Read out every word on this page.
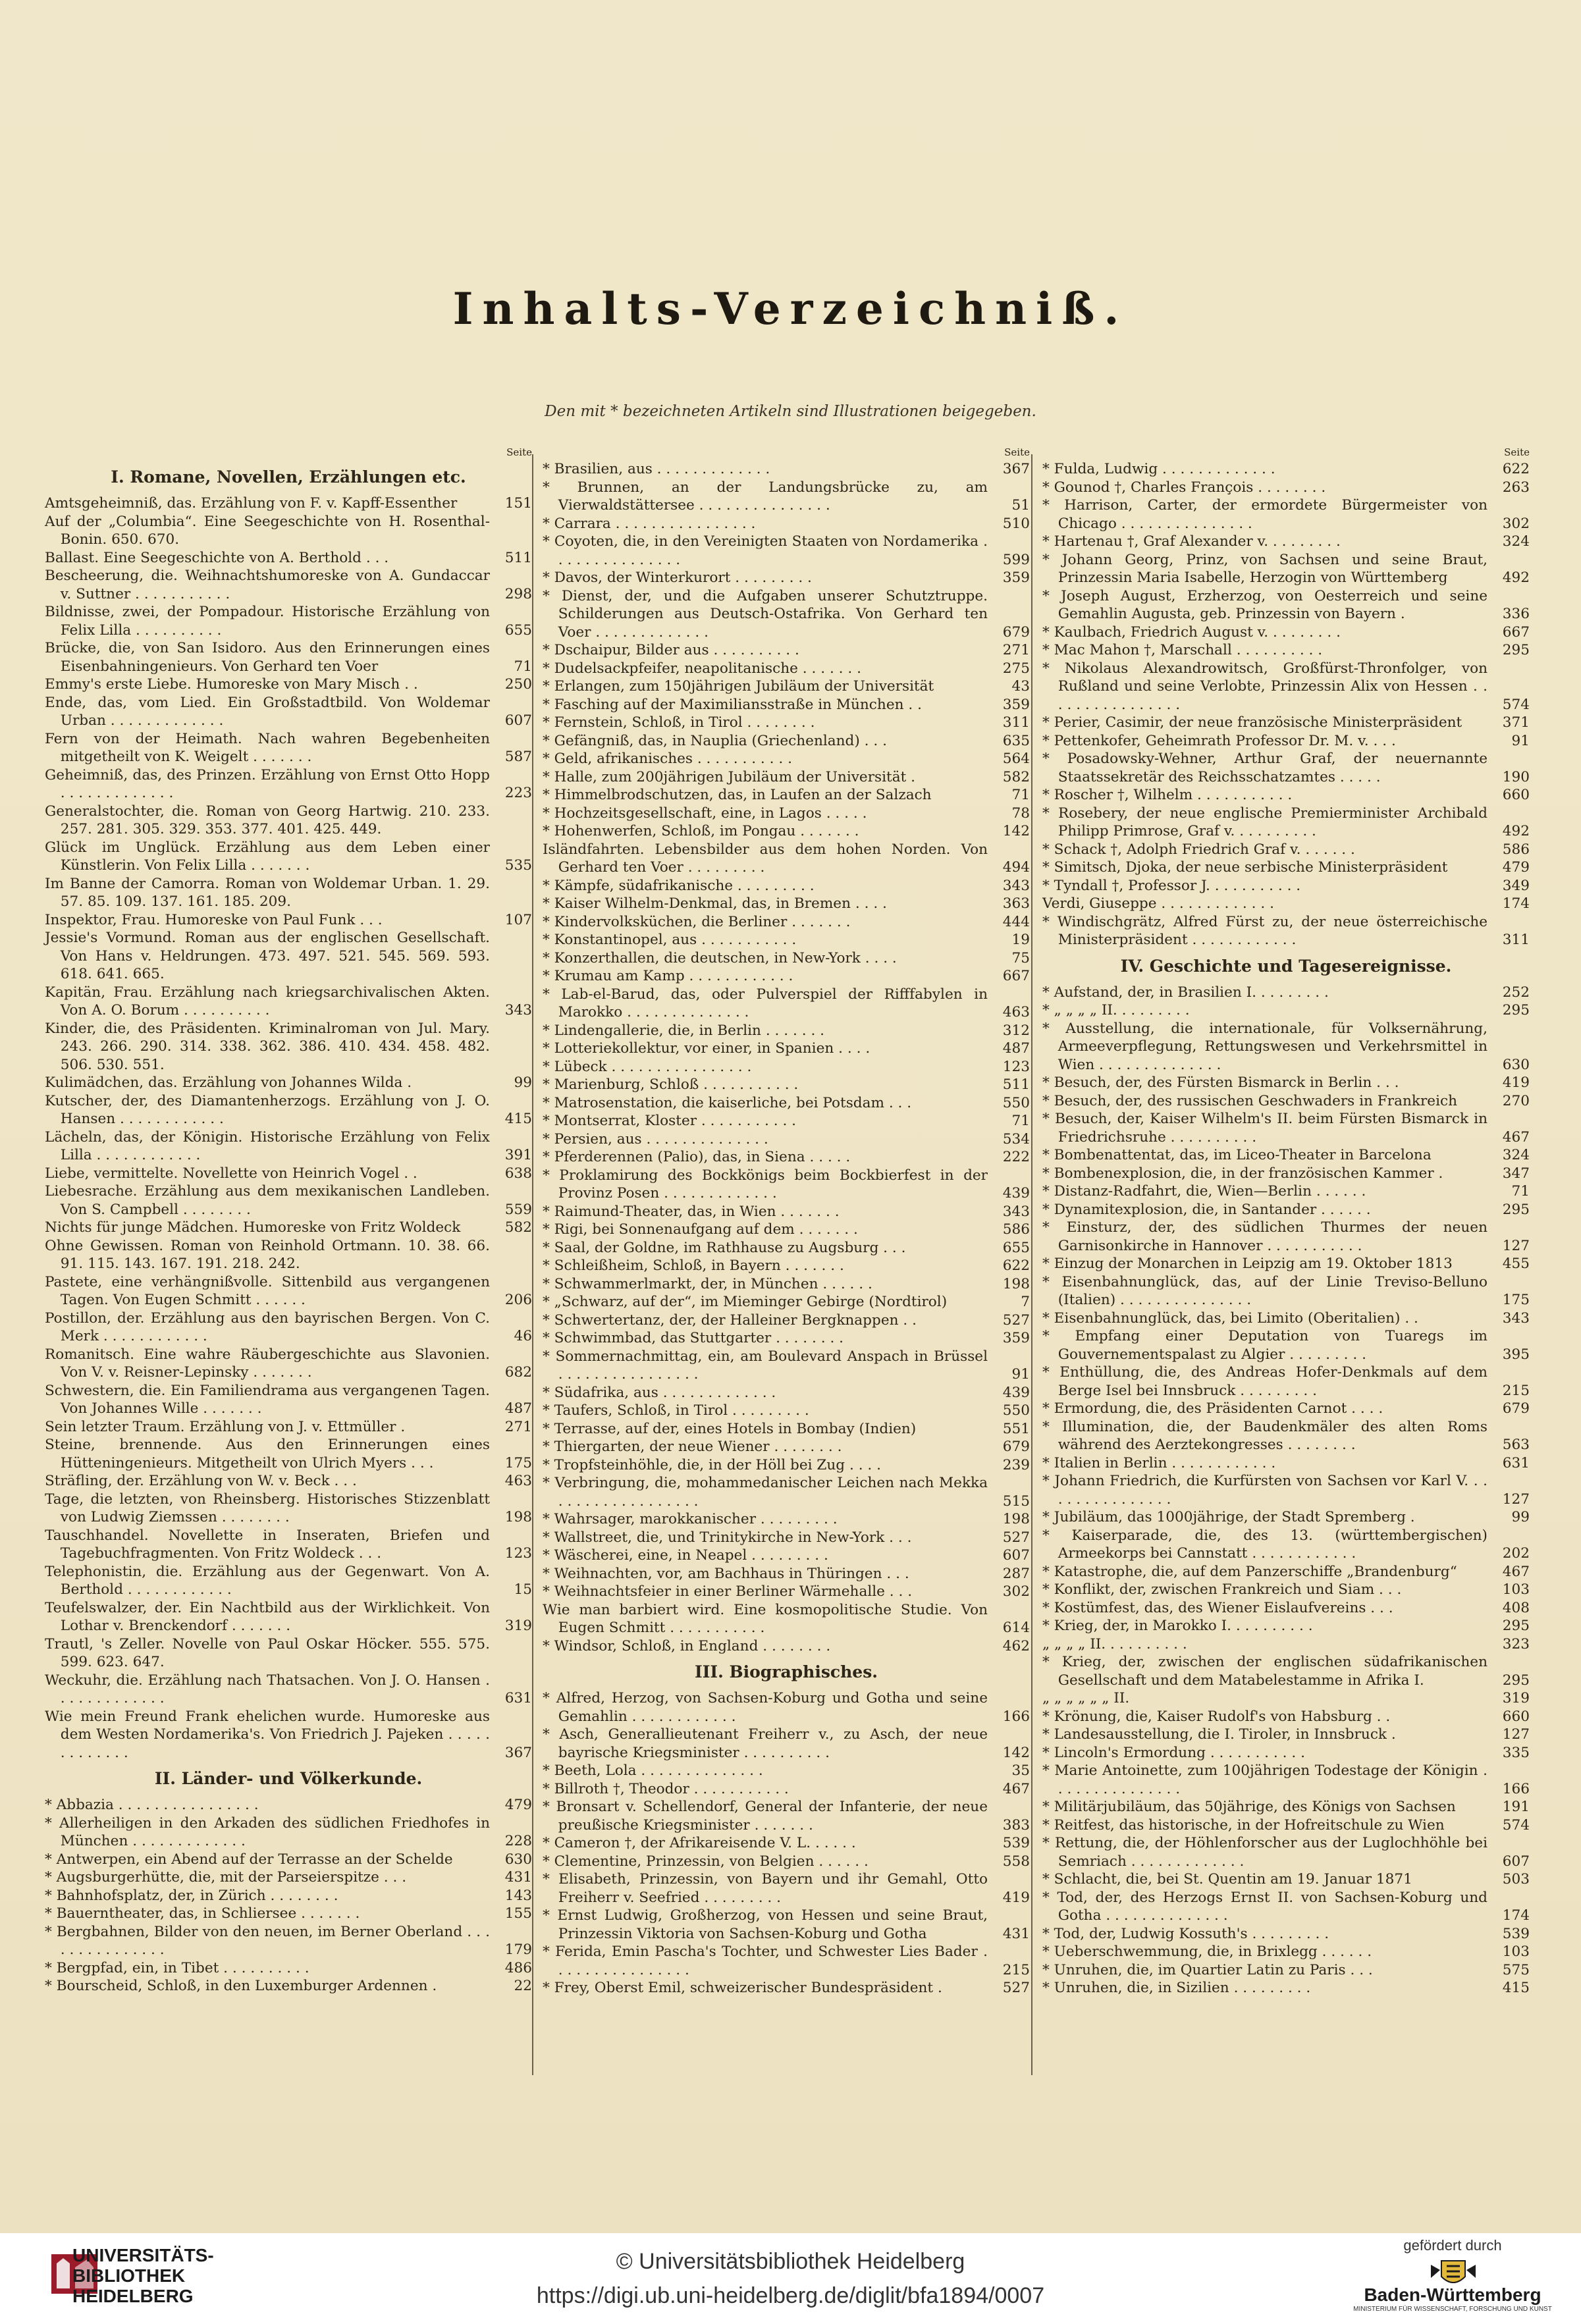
Inhalts-Verzeichniß.
Den mit * bezeichneten Artikeln sind Illustrationen beigegeben.
Seite
I. Romane, Novellen, Erzählungen etc.
Amtsgeheimniß, das. Erzählung von F. v. Kapff-Essenther	151
Auf der „Columbia“. Eine Seegeschichte von H. Rosenthal-Bonin. 650. 670.
Ballast. Eine Seegeschichte von A. Berthold . . .	511
Bescheerung, die. Weihnachtshumoreske von A. Gundaccar v. Suttner . . . . . . . . . . .	298
Bildnisse, zwei, der Pompadour. Historische Erzählung von Felix Lilla . . . . . . . . . .	655
Brücke, die, von San Isidoro. Aus den Erinnerungen eines Eisenbahningenieurs. Von Gerhard ten Voer	71
Emmy's erste Liebe. Humoreske von Mary Misch . .	250
Ende, das, vom Lied. Ein Großstadtbild. Von Woldemar Urban . . . . . . . . . . . . .	607
Fern von der Heimath. Nach wahren Begebenheiten mitgetheilt von K. Weigelt . . . . . . .	587
Geheimniß, das, des Prinzen. Erzählung von Ernst Otto Hopp . . . . . . . . . . . . .	223
Generalstochter, die. Roman von Georg Hartwig. 210. 233. 257. 281. 305. 329. 353. 377. 401. 425. 449.
Glück im Unglück. Erzählung aus dem Leben einer Künstlerin. Von Felix Lilla . . . . . . .	535
Im Banne der Camorra. Roman von Woldemar Urban. 1. 29. 57. 85. 109. 137. 161. 185. 209.
Inspektor, Frau. Humoreske von Paul Funk . . .	107
Jessie's Vormund. Roman aus der englischen Gesellschaft. Von Hans v. Heldrungen. 473. 497. 521. 545. 569. 593. 618. 641. 665.
Kapitän, Frau. Erzählung nach kriegsarchivalischen Akten. Von A. O. Borum . . . . . . . . . .	343
Kinder, die, des Präsidenten. Kriminalroman von Jul. Mary. 243. 266. 290. 314. 338. 362. 386. 410. 434. 458. 482. 506. 530. 551.
Kulimädchen, das. Erzählung von Johannes Wilda .	99
Kutscher, der, des Diamantenherzogs. Erzählung von J. O. Hansen . . . . . . . . . . . .	415
Lächeln, das, der Königin. Historische Erzählung von Felix Lilla . . . . . . . . . . . .	391
Liebe, vermittelte. Novellette von Heinrich Vogel . .	638
Liebesrache. Erzählung aus dem mexikanischen Landleben. Von S. Campbell . . . . . . . .	559
Nichts für junge Mädchen. Humoreske von Fritz Woldeck	582
Ohne Gewissen. Roman von Reinhold Ortmann. 10. 38. 66. 91. 115. 143. 167. 191. 218. 242.
Pastete, eine verhängnißvolle. Sittenbild aus vergangenen Tagen. Von Eugen Schmitt . . . . . .	206
Postillon, der. Erzählung aus den bayrischen Bergen. Von C. Merk . . . . . . . . . . . .	46
Romanitsch. Eine wahre Räubergeschichte aus Slavonien. Von V. v. Reisner-Lepinsky . . . . . . .	682
Schwestern, die. Ein Familiendrama aus vergangenen Tagen. Von Johannes Wille . . . . . . .	487
Sein letzter Traum. Erzählung von J. v. Ettmüller .	271
Steine, brennende. Aus den Erinnerungen eines Hütteningenieurs. Mitgetheilt von Ulrich Myers . . .	175
Sträfling, der. Erzählung von W. v. Beck . . .	463
Tage, die letzten, von Rheinsberg. Historisches Stizzenblatt von Ludwig Ziemssen . . . . . . . .	198
Tauschhandel. Novellette in Inseraten, Briefen und Tagebuchfragmenten. Von Fritz Woldeck . . .	123
Telephonistin, die. Erzählung aus der Gegenwart. Von A. Berthold . . . . . . . . . . . .	15
Teufelswalzer, der. Ein Nachtbild aus der Wirklichkeit. Von Lothar v. Brenckendorf . . . . . . .	319
Trautl, 's Zeller. Novelle von Paul Oskar Höcker. 555. 575. 599. 623. 647.
Weckuhr, die. Erzählung nach Thatsachen. Von J. O. Hansen . . . . . . . . . . . . .	631
Wie mein Freund Frank ehelichen wurde. Humoreske aus dem Westen Nordamerika's. Von Friedrich J. Pajeken . . . . . . . . . . . . .	367
II. Länder- und Völkerkunde.
* Abbazia . . . . . . . . . . . . . . . .	479
* Allerheiligen in den Arkaden des südlichen Friedhofes in München . . . . . . . . . . . . .	228
* Antwerpen, ein Abend auf der Terrasse an der Schelde	630
* Augsburgerhütte, die, mit der Parseierspitze . . .	431
* Bahnhofsplatz, der, in Zürich . . . . . . . .	143
* Bauerntheater, das, in Schliersee . . . . . . .	155
* Bergbahnen, Bilder von den neuen, im Berner Oberland . . . . . . . . . . . . . . .	179
* Bergpfad, ein, in Tibet . . . . . . . . . .	486
* Bourscheid, Schloß, in den Luxemburger Ardennen .	22
Seite
* Brasilien, aus . . . . . . . . . . . . .	367
* Brunnen, an der Landungsbrücke zu, am Vierwaldstättersee . . . . . . . . . . . . . . .	51
* Carrara . . . . . . . . . . . . . . . .	510
* Coyoten, die, in den Vereinigten Staaten von Nordamerika . . . . . . . . . . . . . . .	599
* Davos, der Winterkurort . . . . . . . . .	359
* Dienst, der, und die Aufgaben unserer Schutztruppe. Schilderungen aus Deutsch-Ostafrika. Von Gerhard ten Voer . . . . . . . . . . . . .	679
* Dschaipur, Bilder aus . . . . . . . . . .	271
* Dudelsackpfeifer, neapolitanische . . . . . . .	275
* Erlangen, zum 150jährigen Jubiläum der Universität	43
* Fasching auf der Maximiliansstraße in München . .	359
* Fernstein, Schloß, in Tirol . . . . . . . .	311
* Gefängniß, das, in Nauplia (Griechenland) . . .	635
* Geld, afrikanisches . . . . . . . . . . .	564
* Halle, zum 200jährigen Jubiläum der Universität .	582
* Himmelbrodschutzen, das, in Laufen an der Salzach	71
* Hochzeitsgesellschaft, eine, in Lagos . . . . .	78
* Hohenwerfen, Schloß, im Pongau . . . . . . .	142
Isländfahrten. Lebensbilder aus dem hohen Norden. Von Gerhard ten Voer . . . . . . . . .	494
* Kämpfe, südafrikanische . . . . . . . . .	343
* Kaiser Wilhelm-Denkmal, das, in Bremen . . . .	363
* Kindervolksküchen, die Berliner . . . . . . .	444
* Konstantinopel, aus . . . . . . . . . . .	19
* Konzerthallen, die deutschen, in New-York . . . .	75
* Krumau am Kamp . . . . . . . . . . . .	667
* Lab-el-Barud, das, oder Pulverspiel der Rifffabylen in Marokko . . . . . . . . . . . . . .	463
* Lindengallerie, die, in Berlin . . . . . . .	312
* Lotteriekollektur, vor einer, in Spanien . . . .	487
* Lübeck . . . . . . . . . . . . . . . .	123
* Marienburg, Schloß . . . . . . . . . . .	511
* Matrosenstation, die kaiserliche, bei Potsdam . . .	550
* Montserrat, Kloster . . . . . . . . . . .	71
* Persien, aus . . . . . . . . . . . . . .	534
* Pferderennen (Palio), das, in Siena . . . . .	222
* Proklamirung des Bockkönigs beim Bockbierfest in der Provinz Posen . . . . . . . . . . . . .	439
* Raimund-Theater, das, in Wien . . . . . . .	343
* Rigi, bei Sonnenaufgang auf dem . . . . . . .	586
* Saal, der Goldne, im Rathhause zu Augsburg . . .	655
* Schleißheim, Schloß, in Bayern . . . . . . .	622
* Schwammerlmarkt, der, in München . . . . . .	198
* „Schwarz, auf der“, im Mieminger Gebirge (Nordtirol)	7
* Schwertertanz, der, der Halleiner Bergknappen . .	527
* Schwimmbad, das Stuttgarter . . . . . . . .	359
* Sommernachmittag, ein, am Boulevard Anspach in Brüssel . . . . . . . . . . . . . . . .	91
* Südafrika, aus . . . . . . . . . . . . .	439
* Taufers, Schloß, in Tirol . . . . . . . . .	550
* Terrasse, auf der, eines Hotels in Bombay (Indien)	551
* Thiergarten, der neue Wiener . . . . . . . .	679
* Tropfsteinhöhle, die, in der Höll bei Zug . . . .	239
* Verbringung, die, mohammedanischer Leichen nach Mekka . . . . . . . . . . . . . . . .	515
* Wahrsager, marokkanischer . . . . . . . . .	198
* Wallstreet, die, und Trinitykirche in New-York . . .	527
* Wäscherei, eine, in Neapel . . . . . . . . .	607
* Weihnachten, vor, am Bachhaus in Thüringen . . .	287
* Weihnachtsfeier in einer Berliner Wärmehalle . . .	302
Wie man barbiert wird. Eine kosmopolitische Studie. Von Eugen Schmitt . . . . . . . . . . .	614
* Windsor, Schloß, in England . . . . . . . .	462
III. Biographisches.
* Alfred, Herzog, von Sachsen-Koburg und Gotha und seine Gemahlin . . . . . . . . . . . .	166
* Asch, Generallieutenant Freiherr v., zu Asch, der neue bayrische Kriegsminister . . . . . . . . . .	142
* Beeth, Lola . . . . . . . . . . . . . .	35
* Billroth †, Theodor . . . . . . . . . . .	467
* Bronsart v. Schellendorf, General der Infanterie, der neue preußische Kriegsminister . . . . . . .	383
* Cameron †, der Afrikareisende V. L. . . . . .	539
* Clementine, Prinzessin, von Belgien . . . . . .	558
* Elisabeth, Prinzessin, von Bayern und ihr Gemahl, Otto Freiherr v. Seefried . . . . . . . . .	419
* Ernst Ludwig, Großherzog, von Hessen und seine Braut, Prinzessin Viktoria von Sachsen-Koburg und Gotha	431
* Ferida, Emin Pascha's Tochter, und Schwester Lies Bader . . . . . . . . . . . . . . . .	215
* Frey, Oberst Emil, schweizerischer Bundespräsident .	527
Seite
* Fulda, Ludwig . . . . . . . . . . . . .	622
* Gounod †, Charles François . . . . . . . .	263
* Harrison, Carter, der ermordete Bürgermeister von Chicago . . . . . . . . . . . . . . .	302
* Hartenau †, Graf Alexander v. . . . . . . . .	324
* Johann Georg, Prinz, von Sachsen und seine Braut, Prinzessin Maria Isabelle, Herzogin von Württemberg	492
* Joseph August, Erzherzog, von Oesterreich und seine Gemahlin Augusta, geb. Prinzessin von Bayern .	336
* Kaulbach, Friedrich August v. . . . . . . . .	667
* Mac Mahon †, Marschall . . . . . . . . . .	295
* Nikolaus Alexandrowitsch, Großfürst-Thronfolger, von Rußland und seine Verlobte, Prinzessin Alix von Hessen . . . . . . . . . . . . . . . .	574
* Perier, Casimir, der neue französische Ministerpräsident	371
* Pettenkofer, Geheimrath Professor Dr. M. v. . . .	91
* Posadowsky-Wehner, Arthur Graf, der neuernannte Staatssekretär des Reichsschatzamtes . . . . .	190
* Roscher †, Wilhelm . . . . . . . . . . .	660
* Rosebery, der neue englische Premierminister Archibald Philipp Primrose, Graf v. . . . . . . . . .	492
* Schack †, Adolph Friedrich Graf v. . . . . . .	586
* Simitsch, Djoka, der neue serbische Ministerpräsident	479
* Tyndall †, Professor J. . . . . . . . . . .	349
Verdi, Giuseppe . . . . . . . . . . . . .	174
* Windischgrätz, Alfred Fürst zu, der neue österreichische Ministerpräsident . . . . . . . . . . . .	311
IV. Geschichte und Tagesereignisse.
* Aufstand, der, in Brasilien I. . . . . . . . .	252
* „ „ „ „ II. . . . . . . . .	295
* Ausstellung, die internationale, für Volksernährung, Armeeverpflegung, Rettungswesen und Verkehrsmittel in Wien . . . . . . . . . . . . . .	630
* Besuch, der, des Fürsten Bismarck in Berlin . . .	419
* Besuch, der, des russischen Geschwaders in Frankreich	270
* Besuch, der, Kaiser Wilhelm's II. beim Fürsten Bismarck in Friedrichsruhe . . . . . . . . . .	467
* Bombenattentat, das, im Liceo-Theater in Barcelona	324
* Bombenexplosion, die, in der französischen Kammer .	347
* Distanz-Radfahrt, die, Wien—Berlin . . . . . .	71
* Dynamitexplosion, die, in Santander . . . . . .	295
* Einsturz, der, des südlichen Thurmes der neuen Garnisonkirche in Hannover . . . . . . . . . . .	127
* Einzug der Monarchen in Leipzig am 19. Oktober 1813	455
* Eisenbahnunglück, das, auf der Linie Treviso-Belluno (Italien) . . . . . . . . . . . . . . .	175
* Eisenbahnunglück, das, bei Limito (Oberitalien) . .	343
* Empfang einer Deputation von Tuaregs im Gouvernementspalast zu Algier . . . . . . . . .	395
* Enthüllung, die, des Andreas Hofer-Denkmals auf dem Berge Isel bei Innsbruck . . . . . . . . .	215
* Ermordung, die, des Präsidenten Carnot . . . .	679
* Illumination, die, der Baudenkmäler des alten Roms während des Aerztekongresses . . . . . . . .	563
* Italien in Berlin . . . . . . . . . . . .	631
* Johann Friedrich, die Kurfürsten von Sachsen vor Karl V. . . . . . . . . . . . . . . .	127
* Jubiläum, das 1000jährige, der Stadt Spremberg .	99
* Kaiserparade, die, des 13. (württembergischen) Armeekorps bei Cannstatt . . . . . . . . . . . .	202
* Katastrophe, die, auf dem Panzerschiffe „Brandenburg“	467
* Konflikt, der, zwischen Frankreich und Siam . . .	103
* Kostümfest, das, des Wiener Eislaufvereins . . .	408
* Krieg, der, in Marokko I. . . . . . . . . .	295
„ „ „ „ II. . . . . . . . . .	323
* Krieg, der, zwischen der englischen südafrikanischen Gesellschaft und dem Matabelestamme in Afrika I.	295
„ „ „ „ „ „ II.	319
* Krönung, die, Kaiser Rudolf's von Habsburg . .	660
* Landesausstellung, die I. Tiroler, in Innsbruck .	127
* Lincoln's Ermordung . . . . . . . . . . .	335
* Marie Antoinette, zum 100jährigen Todestage der Königin . . . . . . . . . . . . . . .	166
* Militärjubiläum, das 50jährige, des Königs von Sachsen	191
* Reitfest, das historische, in der Hofreitschule zu Wien	574
* Rettung, die, der Höhlenforscher aus der Luglochhöhle bei Semriach . . . . . . . . . . . . .	607
* Schlacht, die, bei St. Quentin am 19. Januar 1871	503
* Tod, der, des Herzogs Ernst II. von Sachsen-Koburg und Gotha . . . . . . . . . . . . . .	174
* Tod, der, Ludwig Kossuth's . . . . . . . . .	539
* Ueberschwemmung, die, in Brixlegg . . . . . .	103
* Unruhen, die, im Quartier Latin zu Paris . . .	575
* Unruhen, die, in Sizilien . . . . . . . . .	415
UNIVERSITÄTS-
BIBLIOTHEK
HEIDELBERG
© Universitätsbibliothek Heidelberg
https://digi.ub.uni-heidelberg.de/diglit/bfa1894/0007
gefördert durch
Baden-Württemberg
MINISTERIUM FÜR WISSENSCHAFT, FORSCHUNG UND KUNST
